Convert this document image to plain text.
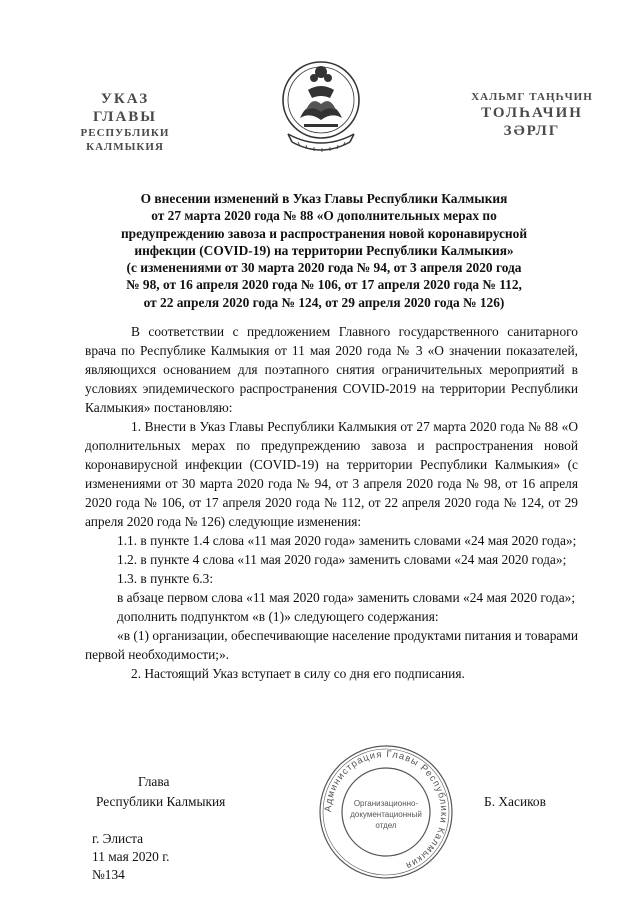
УКАЗ
ГЛАВЫ
РЕСПУБЛИКИ КАЛМЫКИЯ
ХАЛЬМГ ТАҢҺЧИН
ТОЛҺАЧИН
ЗӘРЛГ
О внесении изменений в Указ Главы Республики Калмыкия
от 27 марта 2020 года № 88 «О дополнительных мерах по
предупреждению завоза и распространения новой коронавирусной
инфекции (COVID-19) на территории Республики Калмыкия»
(с изменениями от 30 марта 2020 года № 94, от 3 апреля 2020 года
№ 98, от 16 апреля 2020 года № 106, от 17 апреля 2020 года № 112,
от 22 апреля 2020 года № 124, от 29 апреля 2020 года № 126)

В соответствии с предложением Главного государственного санитарного врача по Республике Калмыкия от 11 мая 2020 года № 3 «О значении показателей, являющихся основанием для поэтапного снятия ограничительных мероприятий в условиях эпидемического распространения COVID-2019 на территории Республики Калмыкия» постановляю:

1. Внести в Указ Главы Республики Калмыкия от 27 марта 2020 года № 88 «О дополнительных мерах по предупреждению завоза и распространения новой коронавирусной инфекции (COVID-19) на территории Республики Калмыкия» (с изменениями от 30 марта 2020 года № 94, от 3 апреля 2020 года № 98, от 16 апреля 2020 года № 106, от 17 апреля 2020 года № 112, от 22 апреля 2020 года № 124, от 29 апреля 2020 года № 126) следующие изменения:

1.1. в пункте 1.4 слова «11 мая 2020 года» заменить словами «24 мая 2020 года»;

1.2. в пункте 4 слова «11 мая 2020 года» заменить словами «24 мая 2020 года»;

1.3. в пункте 6.3:

в абзаце первом слова «11 мая 2020 года» заменить словами «24 мая 2020 года»;

дополнить подпунктом «в (1)» следующего содержания:

«в (1) организации, обеспечивающие население продуктами питания и товарами первой необходимости;».

2. Настоящий Указ вступает в силу со дня его подписания.

Глава
Республики Калмыкия	Б. Хасиков
Администрация Главы Республики Калмыкия
Организационно-
документационный
отдел
г. Элиста
11 мая 2020 г.
№134
